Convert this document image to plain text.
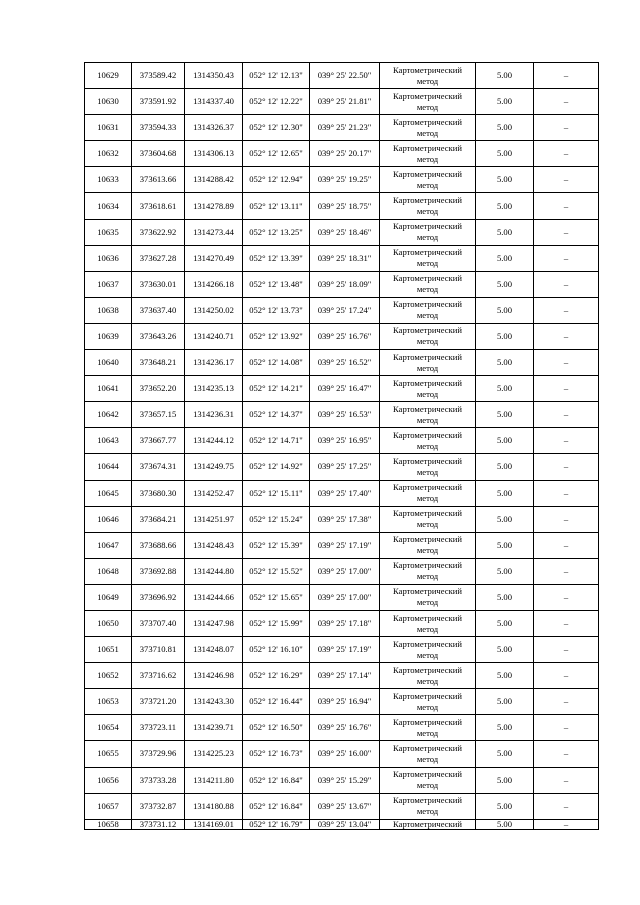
10629	373589.42	1314350.43	052° 12' 12.13"	039° 25' 22.50"	Картометрический
метод	5.00	–
10630	373591.92	1314337.40	052° 12' 12.22"	039° 25' 21.81"	Картометрический
метод	5.00	–
10631	373594.33	1314326.37	052° 12' 12.30"	039° 25' 21.23"	Картометрический
метод	5.00	–
10632	373604.68	1314306.13	052° 12' 12.65"	039° 25' 20.17"	Картометрический
метод	5.00	–
10633	373613.66	1314288.42	052° 12' 12.94"	039° 25' 19.25"	Картометрический
метод	5.00	–
10634	373618.61	1314278.89	052° 12' 13.11"	039° 25' 18.75"	Картометрический
метод	5.00	–
10635	373622.92	1314273.44	052° 12' 13.25"	039° 25' 18.46"	Картометрический
метод	5.00	–
10636	373627.28	1314270.49	052° 12' 13.39"	039° 25' 18.31"	Картометрический
метод	5.00	–
10637	373630.01	1314266.18	052° 12' 13.48"	039° 25' 18.09"	Картометрический
метод	5.00	–
10638	373637.40	1314250.02	052° 12' 13.73"	039° 25' 17.24"	Картометрический
метод	5.00	–
10639	373643.26	1314240.71	052° 12' 13.92"	039° 25' 16.76"	Картометрический
метод	5.00	–
10640	373648.21	1314236.17	052° 12' 14.08"	039° 25' 16.52"	Картометрический
метод	5.00	–
10641	373652.20	1314235.13	052° 12' 14.21"	039° 25' 16.47"	Картометрический
метод	5.00	–
10642	373657.15	1314236.31	052° 12' 14.37"	039° 25' 16.53"	Картометрический
метод	5.00	–
10643	373667.77	1314244.12	052° 12' 14.71"	039° 25' 16.95"	Картометрический
метод	5.00	–
10644	373674.31	1314249.75	052° 12' 14.92"	039° 25' 17.25"	Картометрический
метод	5.00	–
10645	373680.30	1314252.47	052° 12' 15.11"	039° 25' 17.40"	Картометрический
метод	5.00	–
10646	373684.21	1314251.97	052° 12' 15.24"	039° 25' 17.38"	Картометрический
метод	5.00	–
10647	373688.66	1314248.43	052° 12' 15.39"	039° 25' 17.19"	Картометрический
метод	5.00	–
10648	373692.88	1314244.80	052° 12' 15.52"	039° 25' 17.00"	Картометрический
метод	5.00	–
10649	373696.92	1314244.66	052° 12' 15.65"	039° 25' 17.00"	Картометрический
метод	5.00	–
10650	373707.40	1314247.98	052° 12' 15.99"	039° 25' 17.18"	Картометрический
метод	5.00	–
10651	373710.81	1314248.07	052° 12' 16.10"	039° 25' 17.19"	Картометрический
метод	5.00	–
10652	373716.62	1314246.98	052° 12' 16.29"	039° 25' 17.14"	Картометрический
метод	5.00	–
10653	373721.20	1314243.30	052° 12' 16.44"	039° 25' 16.94"	Картометрический
метод	5.00	–
10654	373723.11	1314239.71	052° 12' 16.50"	039° 25' 16.76"	Картометрический
метод	5.00	–
10655	373729.96	1314225.23	052° 12' 16.73"	039° 25' 16.00"	Картометрический
метод	5.00	–
10656	373733.28	1314211.80	052° 12' 16.84"	039° 25' 15.29"	Картометрический
метод	5.00	–
10657	373732.87	1314180.88	052° 12' 16.84"	039° 25' 13.67"	Картометрический
метод	5.00	–
10658	373731.12	1314169.01	052° 12' 16.79"	039° 25' 13.04"	Картометрический	5.00	–
